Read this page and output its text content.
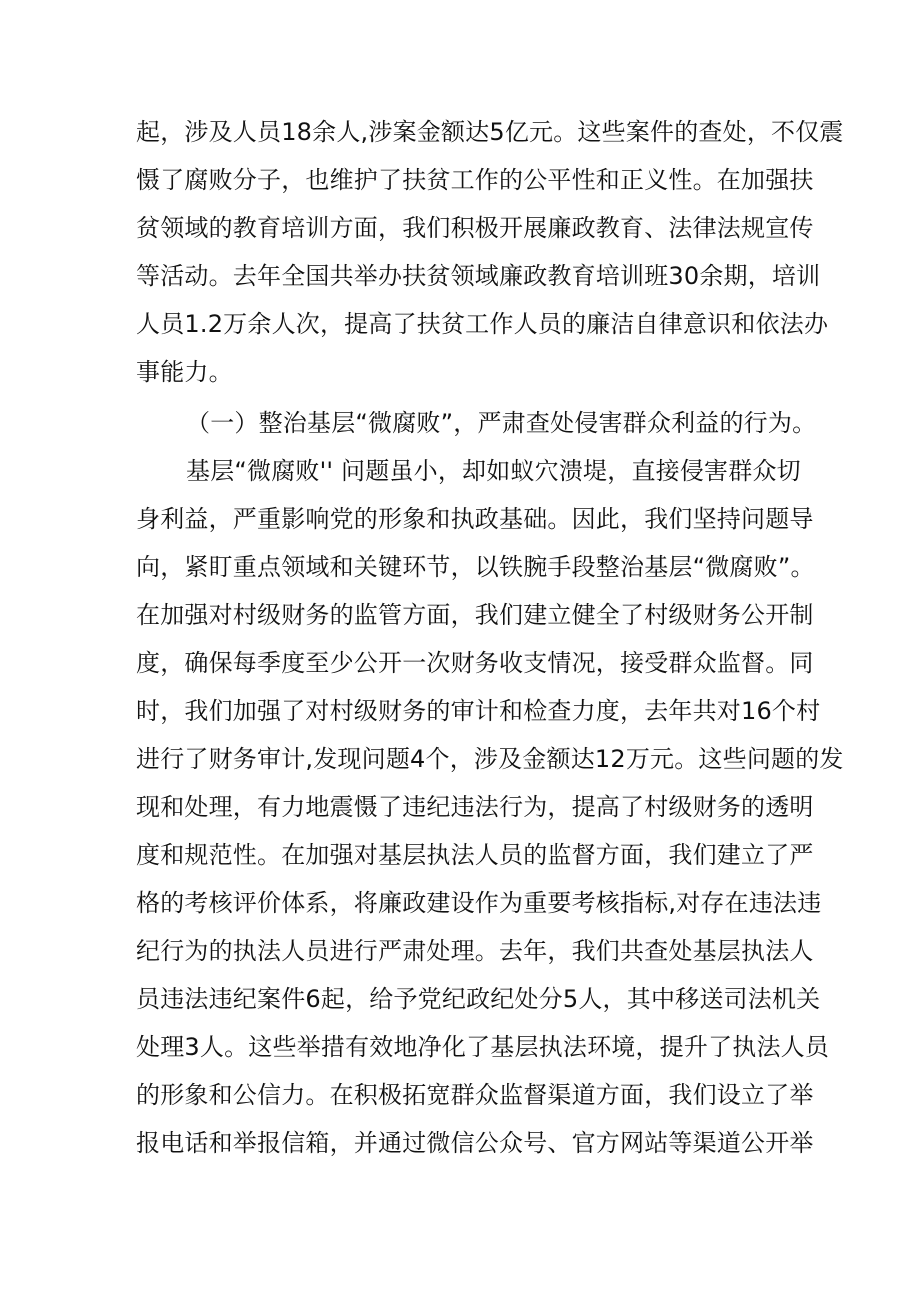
起，涉及人员18余人,涉案金额达5亿元。这些案件的查处，不仅震
慑了腐败分子，也维护了扶贫工作的公平性和正义性。在加强扶
贫领域的教育培训方面，我们积极开展廉政教育、法律法规宣传
等活动。去年全国共举办扶贫领域廉政教育培训班30余期，培训
人员1.2万余人次，提高了扶贫工作人员的廉洁自律意识和依法办
事能力。
（一）整治基层“微腐败”，严肃查处侵害群众利益的行为。
基层“微腐败'' 问题虽小，却如蚁穴溃堤，直接侵害群众切
身利益，严重影响党的形象和执政基础。因此，我们坚持问题导
向，紧盯重点领域和关键环节，以铁腕手段整治基层“微腐败”。
在加强对村级财务的监管方面，我们建立健全了村级财务公开制
度，确保每季度至少公开一次财务收支情况，接受群众监督。同
时，我们加强了对村级财务的审计和检查力度，去年共对16个村
进行了财务审计,发现问题4个，涉及金额达12万元。这些问题的发
现和处理，有力地震慑了违纪违法行为，提高了村级财务的透明
度和规范性。在加强对基层执法人员的监督方面，我们建立了严
格的考核评价体系，将廉政建设作为重要考核指标,对存在违法违
纪行为的执法人员进行严肃处理。去年，我们共查处基层执法人
员违法违纪案件6起，给予党纪政纪处分5人，其中移送司法机关
处理3人。这些举措有效地净化了基层执法环境，提升了执法人员
的形象和公信力。在积极拓宽群众监督渠道方面，我们设立了举
报电话和举报信箱，并通过微信公众号、官方网站等渠道公开举
